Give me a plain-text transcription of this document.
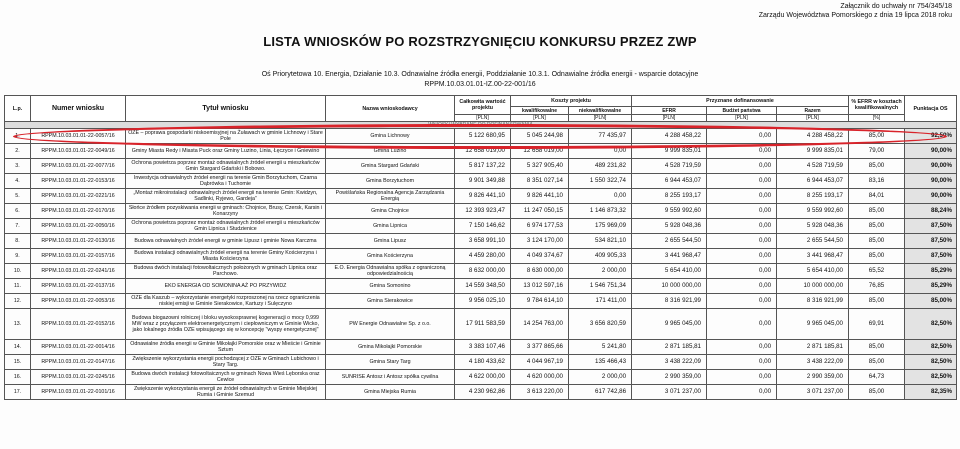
Załącznik do uchwały nr 754/345/18
Zarządu Województwa Pomorskiego z dnia 19 lipca 2018 roku
LISTA WNIOSKÓW PO ROZSTRZYGNIĘCIU KONKURSU PRZEZ ZWP
Oś Priorytetowa 10. Energia, Działanie 10.3. Odnawialne źródła energii, Poddziałanie 10.3.1. Odnawialne źródła energii - wsparcie dotacyjne
RPPM.10.03.01.01-IZ.00-22-001/16
L.p.	Numer wniosku	Tytuł wniosku	Nazwa wnioskodawcy	Całkowita wartość projektu	Koszty projektu		Przyznane dofinansowanie			% EFRR w kosztach kwalifikowalnych	Punktacja OS
					kwalifikowalne	niekwalifikowalne	EFRR	Budżet państwa	Razem		
				[PLN]	[PLN]	[PLN]	[PLN]	[PLN]	[PLN]	[%]	
WNIOSKI WYBRANE DO DOFINANSOWANIA											
1.	RPPM.10.03.01.01-22-0057/16	OZE – poprawa gospodarki niskoemisyjnej na Żuławach w gminie Lichnowy i Stare Pole	Gmina Lichnowy	5 122 680,95	5 045 244,98	77 435,97	4 288 458,22	0,00	4 288 458,22	85,00	92,50%
2.	RPPM.10.03.01.01-22-0049/16	Gminy Miasta Redy i Miasta Puck oraz Gminy Luzino, Linia, Łęczyce i Gniewino	Gmina Luzino	12 658 019,00	12 658 019,00	0,00	9 999 835,01	0,00	9 999 835,01	79,00	90,00%
3.	RPPM.10.03.01.01-22-0077/16	Ochrona powietrza poprzez montaż odnawialnych źródeł energii u mieszkańców Gmin Stargard Gdański i Bobowo.	Gmina Stargard Gdański	5 817 137,22	5 327 905,40	489 231,82	4 528 719,59	0,00	4 528 719,59	85,00	90,00%
4.	RPPM.10.03.01.01-22-0153/16	Inwestycja odnawialnych źródeł energii na terenie Gmin Borzytuchom, Czarna Dąbrówka i Tuchomie	Gmina Borzytuchom	9 901 349,88	8 351 027,14	1 550 322,74	6 944 453,07	0,00	6 944 453,07	83,16	90,00%
5.	RPPM.10.03.01.01-22-0221/16	„Montaż mikroinstalacji odnawialnych źródeł energii na terenie Gmin: Kwidzyn, Sadlinki, Ryjewo, Gardeja”	Powiślańska Regionalna Agencja Zarządzania Energią	9 826 441,10	9 826 441,10	0,00	8 255 193,17	0,00	8 255 193,17	84,01	90,00%
6.	RPPM.10.03.01.01-22-0170/16	Słońce źródłem pozyskiwania energii w gminach: Chojnice, Brusy, Czersk, Karsin i Konarzyny	Gmina Chojnice	12 393 923,47	11 247 050,15	1 146 873,32	9 559 992,60	0,00	9 559 992,60	85,00	88,24%
7.	RPPM.10.03.01.01-22-0050/16	Ochrona powietrza poprzez montaż odnawialnych źródeł energii u mieszkańców Gmin Lipnica i Studzienice	Gmina Lipnica	7 150 146,62	6 974 177,53	175 969,09	5 928 048,36	0,00	5 928 048,36	85,00	87,50%
8.	RPPM.10.03.01.01-22-0130/16	Budowa odnawialnych źródeł energii w gminie Lipusz i gminie Nowa Karczma	Gmina Lipusz	3 658 991,10	3 124 170,00	534 821,10	2 655 544,50	0,00	2 655 544,50	85,00	87,50%
9.	RPPM.10.03.01.01-22-0157/16	Budowa instalacji odnawialnych źródeł energii na terenie Gminy Kościerzyna i Miasta Kościerzyna	Gmina Kościerzyna	4 459 280,00	4 049 374,67	409 905,33	3 441 968,47	0,00	3 441 968,47	85,00	87,50%
10.	RPPM.10.03.01.01-22-0241/16	Budowa dwóch instalacji fotowoltaicznych położonych w gminach Lipnica oraz Parchowo.	E.O. Energia Odnawialna spółka z ograniczoną odpowiedzialnością	8 632 000,00	8 630 000,00	2 000,00	5 654 410,00	0,00	5 654 410,00	65,52	85,29%
11.	RPPM.10.03.01.01-22-0137/16	EKO ENERGIA OD SOMONINA AŻ PO PRZYWIDZ	Gmina Somonino	14 559 348,50	13 012 597,16	1 546 751,34	10 000 000,00	0,00	10 000 000,00	76,85	85,29%
12.	RPPM.10.03.01.01-22-0053/16	OZE dla Kaszub – wykorzystanie energetyki rozproszonej na rzecz ograniczenia niskiej emisji w Gminie Sierakowice, Kartuzy i Sulęczyno	Gmina Sierakowice	9 956 025,10	9 784 614,10	171 411,00	8 316 921,99	0,00	8 316 921,99	85,00	85,00%
13.	RPPM.10.03.01.01-22-0152/16	Budowa biogazowni rolniczej i bloku wysokosprawnej kogeneracji o mocy 0,999 MW wraz z przyłączem elektroenergetycznym i ciepłowniczym w Gminie Wicko, jako lokalnego źródła OZE wpisującego się w koncepcję "wyspy energetycznej"	PW Energie Odnawialne Sp. z o.o.	17 911 583,59	14 254 763,00	3 656 820,59	9 965 045,00	0,00	9 965 045,00	69,91	82,50%
14.	RPPM.10.03.01.01-22-0014/16	Odnawialne źródła energii w Gminie Mikołajki Pomorskie oraz w Mieście i Gminie Sztum	Gmina Mikołajki Pomorskie	3 383 107,46	3 377 865,66	5 241,80	2 871 185,81	0,00	2 871 185,81	85,00	82,50%
15.	RPPM.10.03.01.01-22-0147/16	Zwiększenie wykorzystania energii pochodzącej z OZE w Gminach Lubichowo i Stary Targ.	Gmina Stary Targ	4 180 433,62	4 044 967,19	135 466,43	3 438 222,09	0,00	3 438 222,09	85,00	82,50%
16.	RPPM.10.03.01.01-22-0245/16	Budowa dwóch instalacji fotowoltaicznych w gminach Nowa Wieś Lęborska oraz Cewice	SUNRISE Antosz i Antosz spółka cywilna	4 622 000,00	4 620 000,00	2 000,00	2 990 359,00	0,00	2 990 359,00	64,73	82,50%
17.	RPPM.10.03.01.01-22-0101/16	Zwiększenie wykorzystania energii ze źródeł odnawialnych w Gminie Miejskiej Rumia i Gminie Szemud	Gmina Miejska Rumia	4 230 962,86	3 613 220,00	617 742,86	3 071 237,00	0,00	3 071 237,00	85,00	82,35%
